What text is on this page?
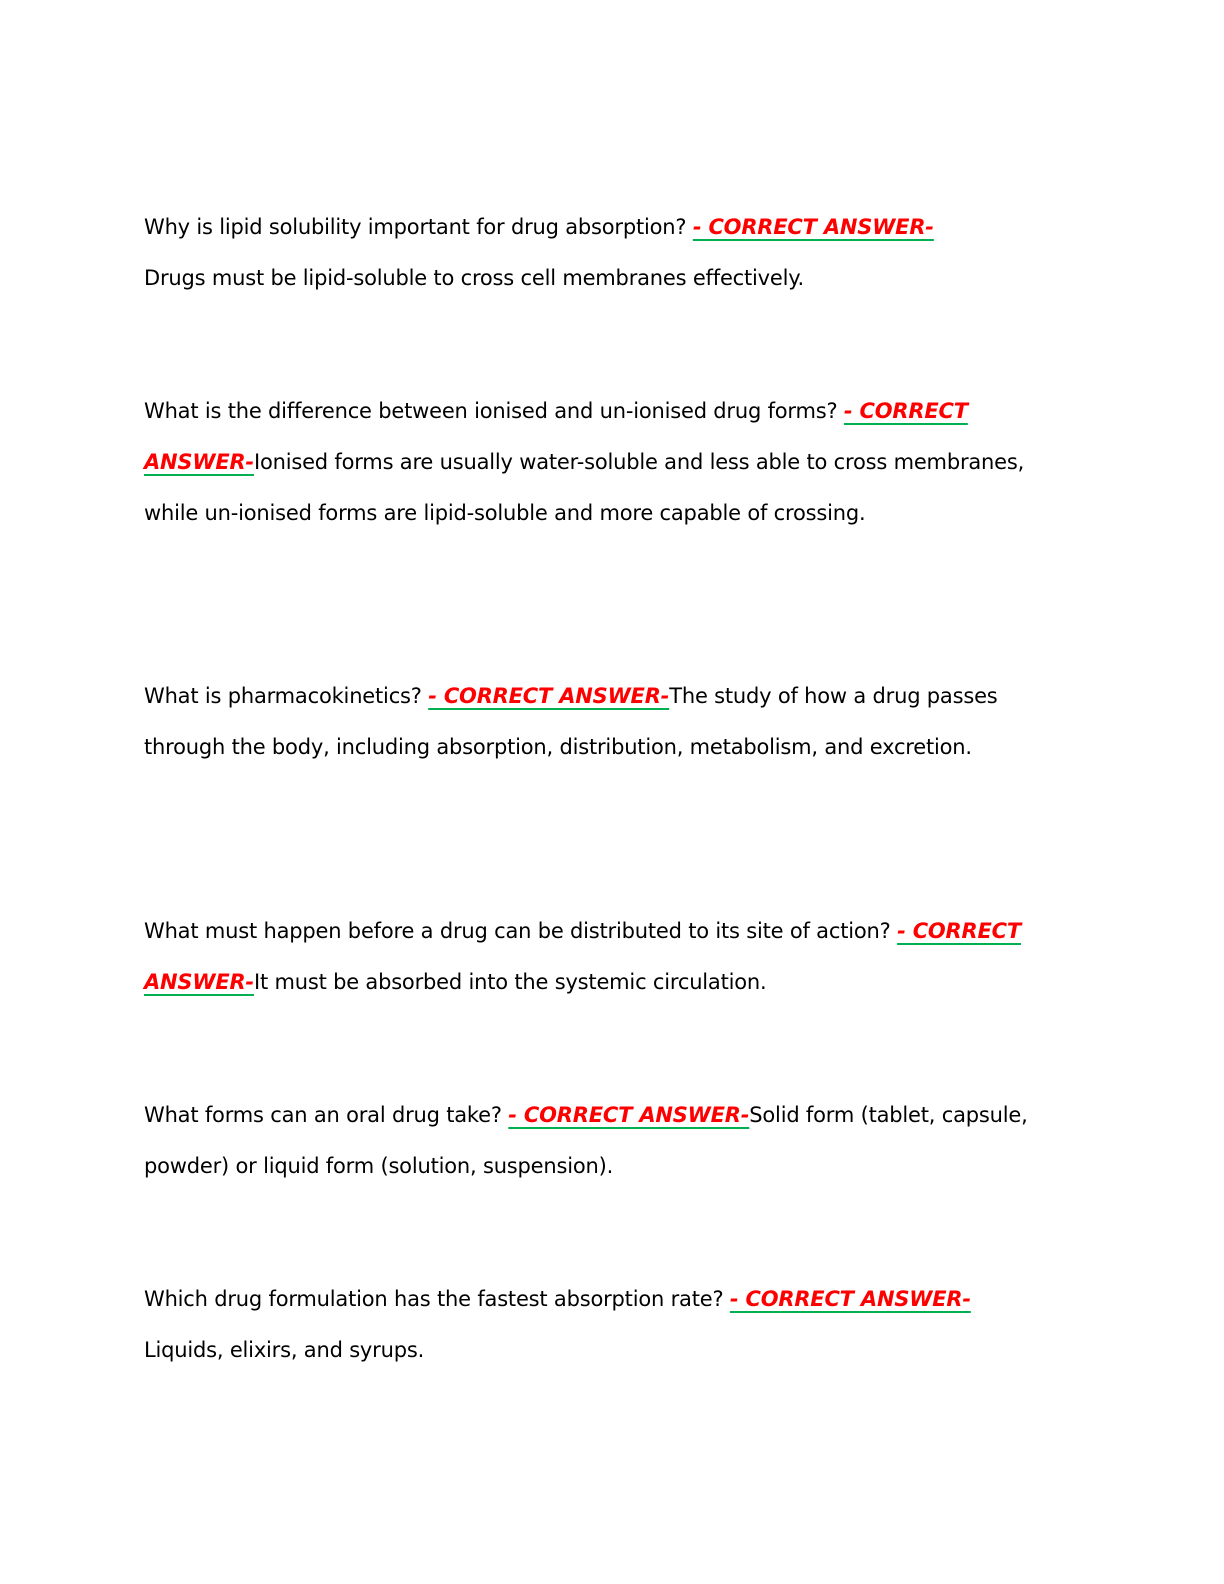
Why is lipid solubility important for drug absorption? - CORRECT ANSWER-
Drugs must be lipid-soluble to cross cell membranes effectively.

What is the difference between ionised and un-ionised drug forms? - CORRECT ANSWER-Ionised forms are usually water-soluble and less able to cross membranes, while un-ionised forms are lipid-soluble and more capable of crossing.

What is pharmacokinetics? - CORRECT ANSWER-The study of how a drug passes through the body, including absorption, distribution, metabolism, and excretion.

What must happen before a drug can be distributed to its site of action? - CORRECT ANSWER-It must be absorbed into the systemic circulation.

What forms can an oral drug take? - CORRECT ANSWER-Solid form (tablet, capsule, powder) or liquid form (solution, suspension).

Which drug formulation has the fastest absorption rate? - CORRECT ANSWER-
Liquids, elixirs, and syrups.
